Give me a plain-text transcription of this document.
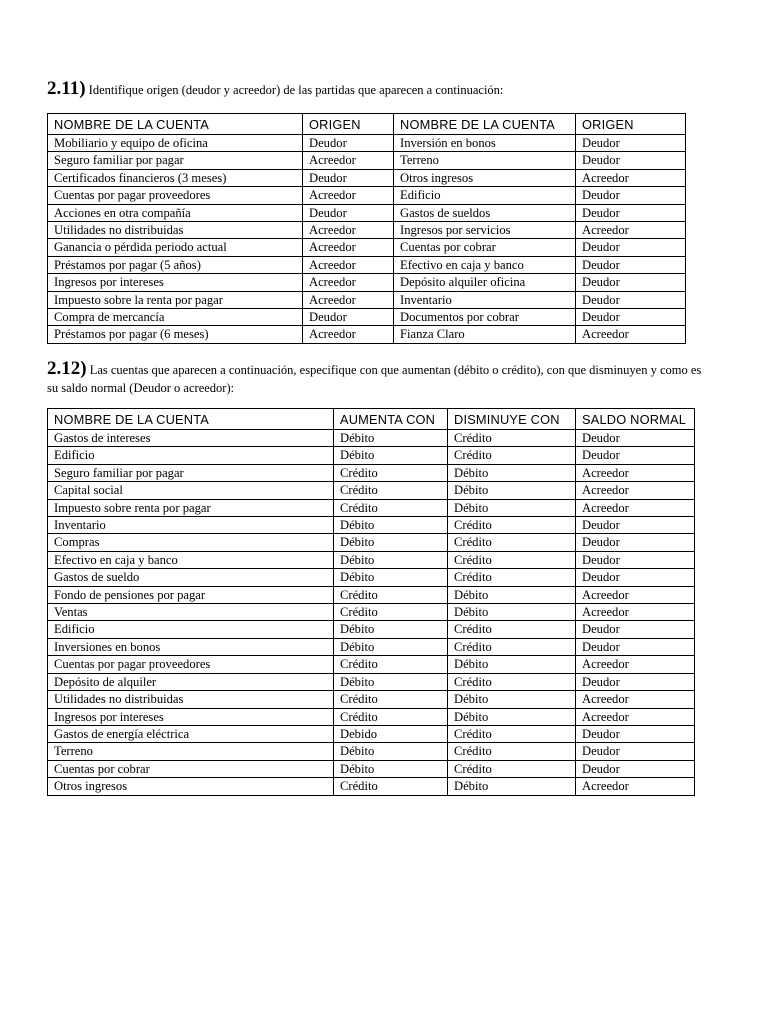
2.11) Identifique origen (deudor y acreedor) de las partidas que aparecen a continuación:
NOMBRE DE LA CUENTA	ORIGEN	NOMBRE DE LA CUENTA	ORIGEN
Mobiliario y equipo de oficina	Deudor	Inversión en bonos	Deudor
Seguro familiar por pagar	Acreedor	Terreno	Deudor
Certificados financieros (3 meses)	Deudor	Otros ingresos	Acreedor
Cuentas por pagar proveedores	Acreedor	Edificio	Deudor
Acciones en otra compañía	Deudor	Gastos de sueldos	Deudor
Utilidades no distribuidas	Acreedor	Ingresos por servicios	Acreedor
Ganancia o pérdida periodo actual	Acreedor	Cuentas por cobrar	Deudor
Préstamos por pagar (5 años)	Acreedor	Efectivo en caja y banco	Deudor
Ingresos por intereses	Acreedor	Depósito alquiler oficina	Deudor
Impuesto sobre la renta por pagar	Acreedor	Inventario	Deudor
Compra de mercancía	Deudor	Documentos por cobrar	Deudor
Préstamos por pagar (6 meses)	Acreedor	Fianza Claro	Acreedor
2.12) Las cuentas que aparecen a continuación, especifique con que aumentan (débito o crédito), con que disminuyen y como es su saldo normal (Deudor o acreedor):
NOMBRE DE LA CUENTA	AUMENTA CON	DISMINUYE CON	SALDO NORMAL
Gastos de intereses	Débito	Crédito	Deudor
Edificio	Débito	Crédito	Deudor
Seguro familiar por pagar	Crédito	Débito	Acreedor
Capital social	Crédito	Débito	Acreedor
Impuesto sobre renta por pagar	Crédito	Débito	Acreedor
Inventario	Débito	Crédito	Deudor
Compras	Débito	Crédito	Deudor
Efectivo en caja y banco	Débito	Crédito	Deudor
Gastos de sueldo	Débito	Crédito	Deudor
Fondo de pensiones por pagar	Crédito	Débito	Acreedor
Ventas	Crédito	Débito	Acreedor
Edificio	Débito	Crédito	Deudor
Inversiones en bonos	Débito	Crédito	Deudor
Cuentas por pagar proveedores	Crédito	Débito	Acreedor
Depósito de alquiler	Débito	Crédito	Deudor
Utilidades no distribuidas	Crédito	Débito	Acreedor
Ingresos por intereses	Crédito	Débito	Acreedor
Gastos de energía eléctrica	Debido	Crédito	Deudor
Terreno	Débito	Crédito	Deudor
Cuentas por cobrar	Débito	Crédito	Deudor
Otros ingresos	Crédito	Débito	Acreedor
